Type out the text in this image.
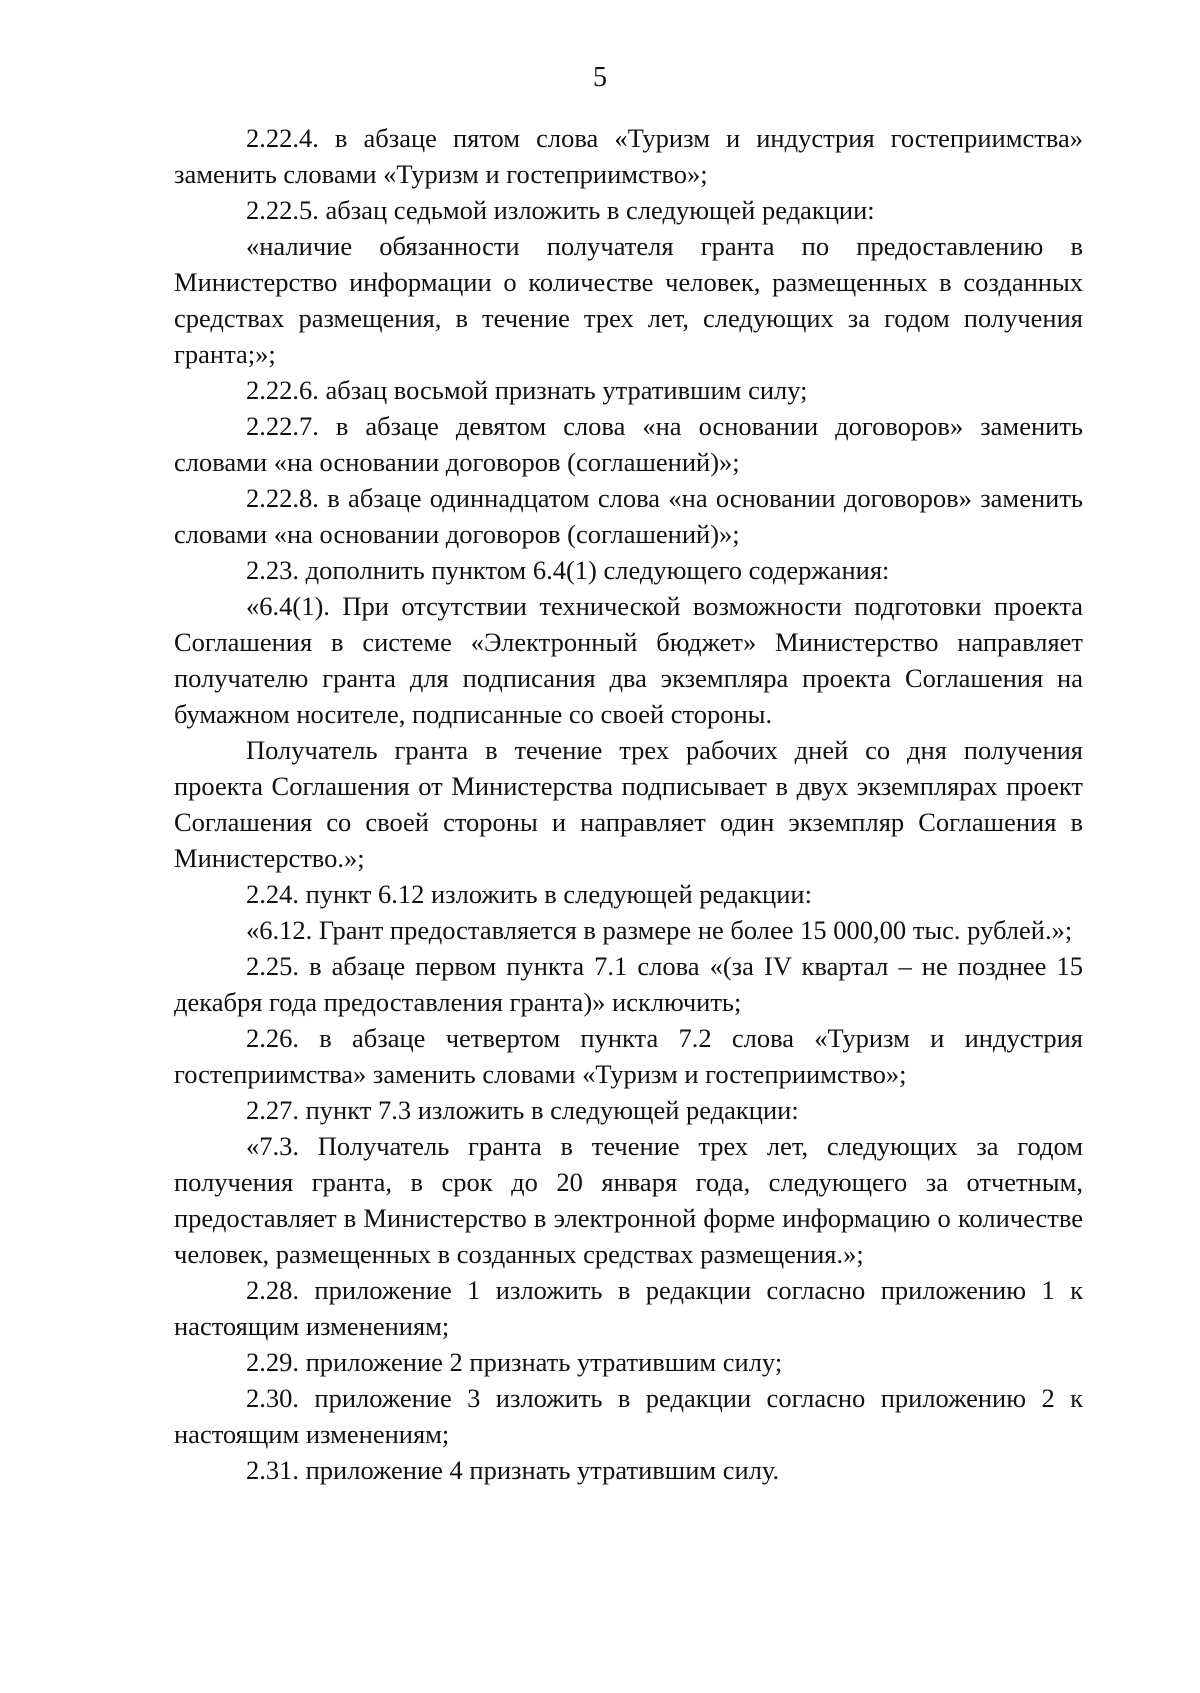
5

2.22.4. в абзаце пятом слова «Туризм и индустрия гостеприимства» заменить словами «Туризм и гостеприимство»;

2.22.5. абзац седьмой изложить в следующей редакции:

«наличие обязанности получателя гранта по предоставлению в Министерство информации о количестве человек, размещенных в созданных средствах размещения, в течение трех лет, следующих за годом получения гранта;»;

2.22.6. абзац восьмой признать утратившим силу;

2.22.7. в абзаце девятом слова «на основании договоров» заменить словами «на основании договоров (соглашений)»;

2.22.8. в абзаце одиннадцатом слова «на основании договоров» заменить словами «на основании договоров (соглашений)»;

2.23. дополнить пунктом 6.4(1) следующего содержания:

«6.4(1). При отсутствии технической возможности подготовки проекта Соглашения в системе «Электронный бюджет» Министерство направляет получателю гранта для подписания два экземпляра проекта Соглашения на бумажном носителе, подписанные со своей стороны.

Получатель гранта в течение трех рабочих дней со дня получения проекта Соглашения от Министерства подписывает в двух экземплярах проект Соглашения со своей стороны и направляет один экземпляр Соглашения в Министерство.»;

2.24. пункт 6.12 изложить в следующей редакции:

«6.12. Грант предоставляется в размере не более 15 000,00 тыс. рублей.»;

2.25. в абзаце первом пункта 7.1 слова «(за IV квартал – не позднее 15 декабря года предоставления гранта)» исключить;

2.26. в абзаце четвертом пункта 7.2 слова «Туризм и индустрия гостеприимства» заменить словами «Туризм и гостеприимство»;

2.27. пункт 7.3 изложить в следующей редакции:

«7.3. Получатель гранта в течение трех лет, следующих за годом получения гранта, в срок до 20 января года, следующего за отчетным, предоставляет в Министерство в электронной форме информацию о количестве человек, размещенных в созданных средствах размещения.»;

2.28. приложение 1 изложить в редакции согласно приложению 1 к настоящим изменениям;

2.29. приложение 2 признать утратившим силу;

2.30. приложение 3 изложить в редакции согласно приложению 2 к настоящим изменениям;

2.31. приложение 4 признать утратившим силу.
